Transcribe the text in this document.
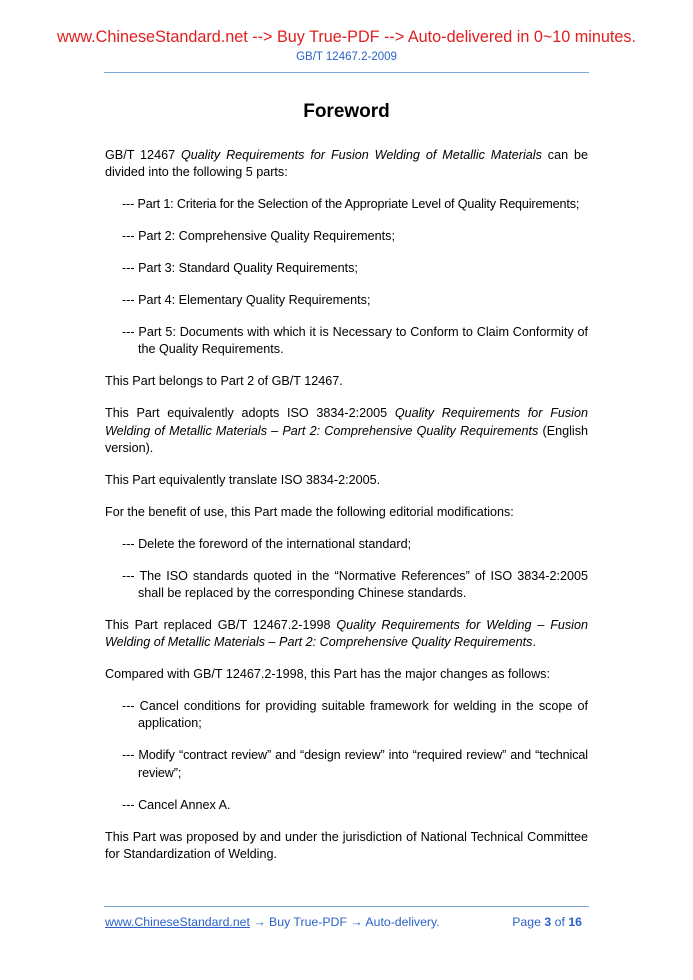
www.ChineseStandard.net --> Buy True-PDF --> Auto-delivered in 0~10 minutes.
GB/T 12467.2-2009
Foreword

GB/T 12467 Quality Requirements for Fusion Welding of Metallic Materials can be divided into the following 5 parts:

--- Part 1: Criteria for the Selection of the Appropriate Level of Quality Requirements;

--- Part 2: Comprehensive Quality Requirements;

--- Part 3: Standard Quality Requirements;

--- Part 4: Elementary Quality Requirements;

--- Part 5: Documents with which it is Necessary to Conform to Claim Conformity of the Quality Requirements.

This Part belongs to Part 2 of GB/T 12467.

This Part equivalently adopts ISO 3834-2:2005 Quality Requirements for Fusion Welding of Metallic Materials – Part 2: Comprehensive Quality Requirements (English version).

This Part equivalently translate ISO 3834-2:2005.

For the benefit of use, this Part made the following editorial modifications:

--- Delete the foreword of the international standard;

--- The ISO standards quoted in the “Normative References” of ISO 3834-2:2005 shall be replaced by the corresponding Chinese standards.

This Part replaced GB/T 12467.2-1998 Quality Requirements for Welding – Fusion Welding of Metallic Materials – Part 2: Comprehensive Quality Requirements.

Compared with GB/T 12467.2-1998, this Part has the major changes as follows:

--- Cancel conditions for providing suitable framework for welding in the scope of application;

--- Modify “contract review” and “design review” into “required review” and “technical review”;

--- Cancel Annex A.

This Part was proposed by and under the jurisdiction of National Technical Committee for Standardization of Welding.

www.ChineseStandard.net → Buy True-PDF → Auto-delivery.	Page 3 of 16
